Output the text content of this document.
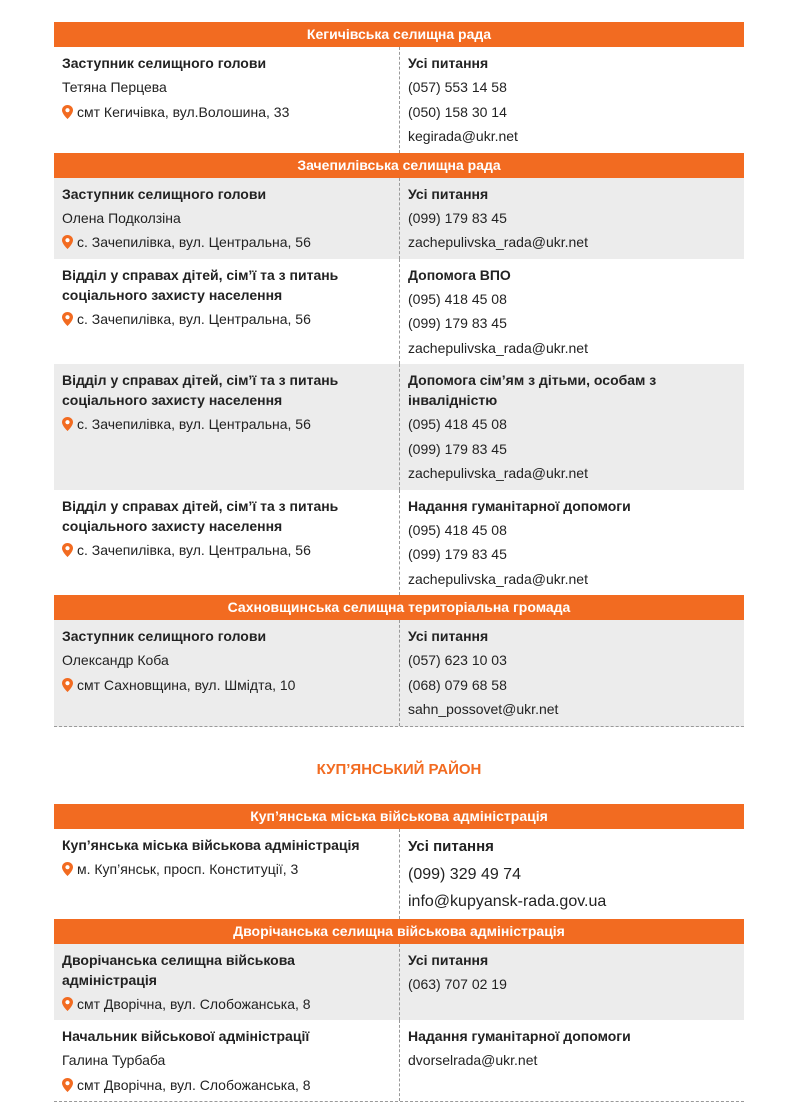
Кегичівська селищна рада
Заступник селищного голови
Тетяна Перцева
смт Кегичівка, вул.Волошина, 33
Усі питання
(057) 553 14 58
(050) 158 30 14
kegirada@ukr.net
Зачепилівська селищна рада
Заступник селищного голови
Олена Подколзіна
с. Зачепилівка, вул. Центральна, 56
Усі питання
(099) 179 83 45
zachepulivska_rada@ukr.net
Відділ у справах дітей, сім’ї та з питань соціального захисту населення
с. Зачепилівка, вул. Центральна, 56
Допомога ВПО
(095) 418 45 08
(099) 179 83 45
zachepulivska_rada@ukr.net
Відділ у справах дітей, сім’ї та з питань соціального захисту населення
с. Зачепилівка, вул. Центральна, 56
Допомога сім’ям з дітьми, особам з інвалідністю
(095) 418 45 08
(099) 179 83 45
zachepulivska_rada@ukr.net
Відділ у справах дітей, сім’ї та з питань соціального захисту населення
с. Зачепилівка, вул. Центральна, 56
Надання гуманітарної допомоги
(095) 418 45 08
(099) 179 83 45
zachepulivska_rada@ukr.net
Сахновщинська селищна територіальна громада
Заступник селищного голови
Олександр Коба
смт Сахновщина, вул. Шмідта, 10
Усі питання
(057) 623 10 03
(068) 079 68 58
sahn_possovet@ukr.net
КУП’ЯНСЬКИЙ РАЙОН
Куп’янська міська військова адміністрація
Куп’янська міська військова адміністрація
м. Куп’янськ, просп. Конституції, 3
Усі питання
(099) 329 49 74
info@kupyansk-rada.gov.ua
Дворічанська селищна військова адміністрація
Дворічанська селищна військова адміністрація
смт Дворічна, вул. Слобожанська, 8
Усі питання
(063) 707 02 19
Начальник військової адміністрації
Галина Турбаба
смт Дворічна, вул. Слобожанська, 8
Надання гуманітарної допомоги
dvorselrada@ukr.net
